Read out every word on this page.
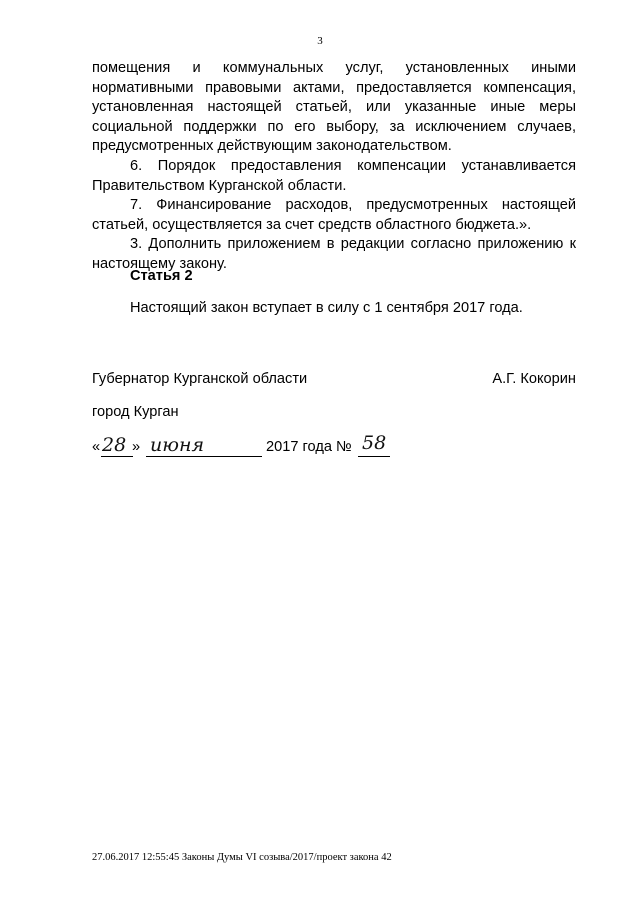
3

помещения и коммунальных услуг, установленных иными нормативными правовыми актами, предоставляется компенсация, установленная настоящей статьей, или указанные иные меры социальной поддержки по его выбору, за исключением случаев, предусмотренных действующим законодательством.

6. Порядок предоставления компенсации устанавливается Правительством Курганской области.

7. Финансирование расходов, предусмотренных настоящей статьей, осуществляется за счет средств областного бюджета.».

3. Дополнить приложением в редакции согласно приложению к настоящему закону.

Статья 2
Настоящий закон вступает в силу с 1 сентября 2017 года.
Губернатор Курганской области	А.Г. Кокорин
город Курган
« 28 » июня	2017 года № 58
27.06.2017 12:55:45 Законы Думы VI созыва/2017/проект закона 42
